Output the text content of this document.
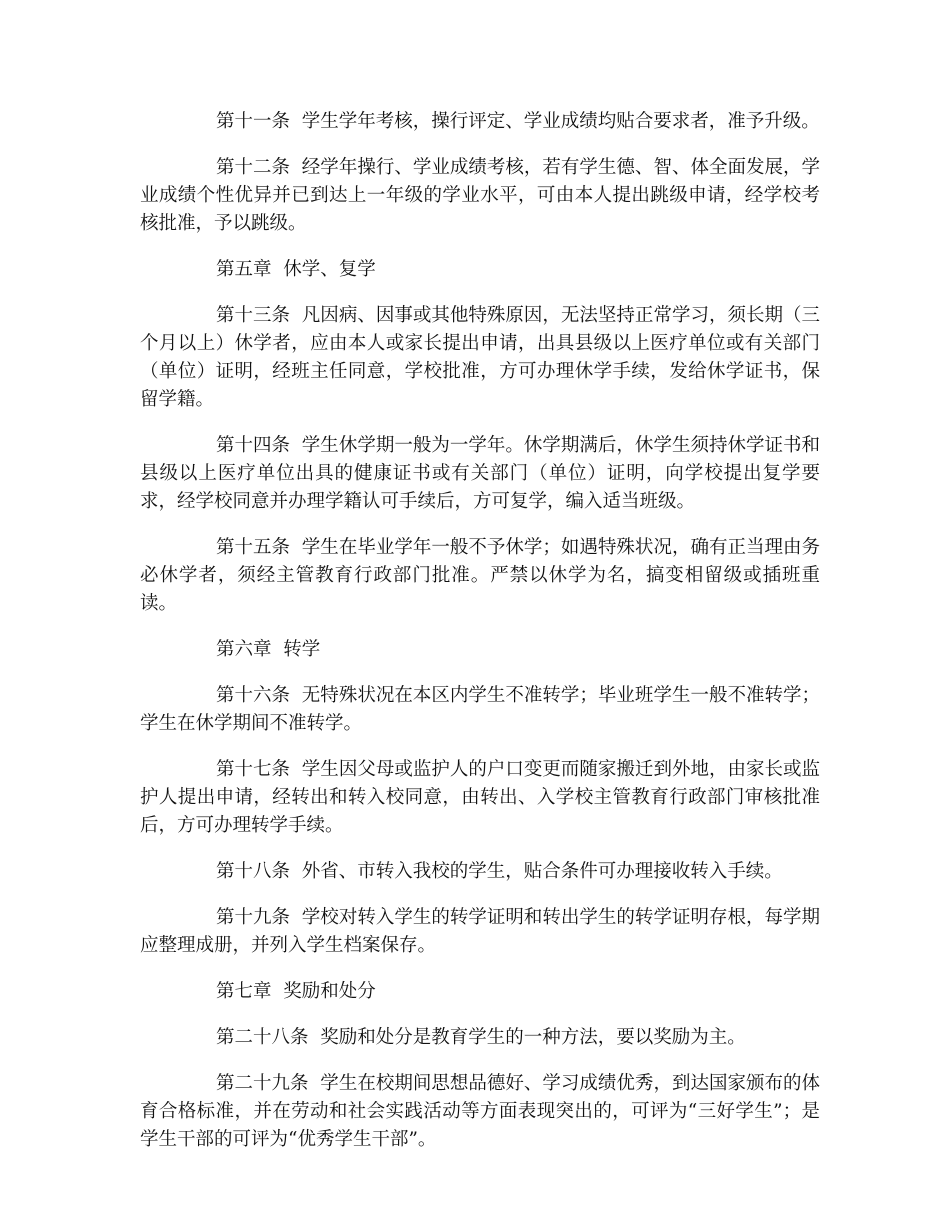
第十一条  学生学年考核，操行评定、学业成绩均贴合要求者，准予升级。

第十二条  经学年操行、学业成绩考核，若有学生德、智、体全面发展，学业成绩个性优异并已到达上一年级的学业水平，可由本人提出跳级申请，经学校考核批准，予以跳级。

第五章  休学、复学

第十三条  凡因病、因事或其他特殊原因，无法坚持正常学习，须长期（三个月以上）休学者，应由本人或家长提出申请，出具县级以上医疗单位或有关部门（单位）证明，经班主任同意，学校批准，方可办理休学手续，发给休学证书，保留学籍。

第十四条  学生休学期一般为一学年。休学期满后，休学生须持休学证书和县级以上医疗单位出具的健康证书或有关部门（单位）证明，向学校提出复学要求，经学校同意并办理学籍认可手续后，方可复学，编入适当班级。

第十五条  学生在毕业学年一般不予休学；如遇特殊状况，确有正当理由务必休学者，须经主管教育行政部门批准。严禁以休学为名，搞变相留级或插班重读。

第六章  转学

第十六条  无特殊状况在本区内学生不准转学；毕业班学生一般不准转学；学生在休学期间不准转学。

第十七条  学生因父母或监护人的户口变更而随家搬迁到外地，由家长或监护人提出申请，经转出和转入校同意，由转出、入学校主管教育行政部门审核批准后，方可办理转学手续。

第十八条  外省、市转入我校的学生，贴合条件可办理接收转入手续。

第十九条  学校对转入学生的转学证明和转出学生的转学证明存根，每学期应整理成册，并列入学生档案保存。

第七章  奖励和处分

第二十八条  奖励和处分是教育学生的一种方法，要以奖励为主。

第二十九条  学生在校期间思想品德好、学习成绩优秀，到达国家颁布的体育合格标准，并在劳动和社会实践活动等方面表现突出的，可评为“三好学生”；是学生干部的可评为“优秀学生干部”。
